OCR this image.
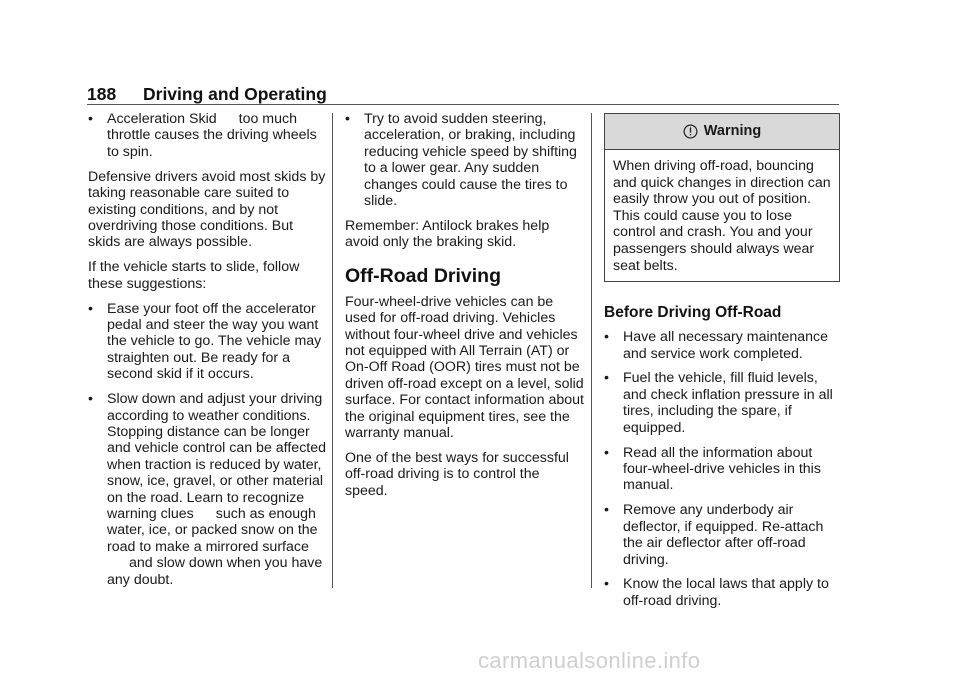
188 Driving and Operating
• Acceleration Skid too much throttle causes the driving wheels to spin.

Defensive drivers avoid most skids by taking reasonable care suited to existing conditions, and by not overdriving those conditions. But skids are always possible.

If the vehicle starts to slide, follow these suggestions:

• Ease your foot off the accelerator pedal and steer the way you want the vehicle to go. The vehicle may straighten out. Be ready for a second skid if it occurs.
• Slow down and adjust your driving according to weather conditions. Stopping distance can be longer and vehicle control can be affected when traction is reduced by water, snow, ice, gravel, or other material on the road. Learn to recognize warning clues such as enough water, ice, or packed snow on the road to make a mirrored surfaceand slow down when you have any doubt.
• Try to avoid sudden steering, acceleration, or braking, including reducing vehicle speed by shifting to a lower gear. Any sudden changes could cause the tires to slide.

Remember: Antilock brakes help avoid only the braking skid.

Off-Road Driving

Four-wheel-drive vehicles can be used for off-road driving. Vehicles without four-wheel drive and vehicles not equipped with All Terrain (AT) or On-Off Road (OOR) tires must not be driven off-road except on a level, solid surface. For contact information about the original equipment tires, see the warranty manual.

One of the best ways for successful off-road driving is to control the speed.

Warning
When driving off-road, bouncing and quick changes in direction can easily throw you out of position. This could cause you to lose control and crash. You and your passengers should always wear seat belts.
Before Driving Off-Road
• Have all necessary maintenance and service work completed.
• Fuel the vehicle, fill fluid levels, and check inflation pressure in all tires, including the spare, if equipped.
• Read all the information about four-wheel-drive vehicles in this manual.
• Remove any underbody air deflector, if equipped. Re-attach the air deflector after off-road driving.
• Know the local laws that apply to off-road driving.
carmanualsonline.info
